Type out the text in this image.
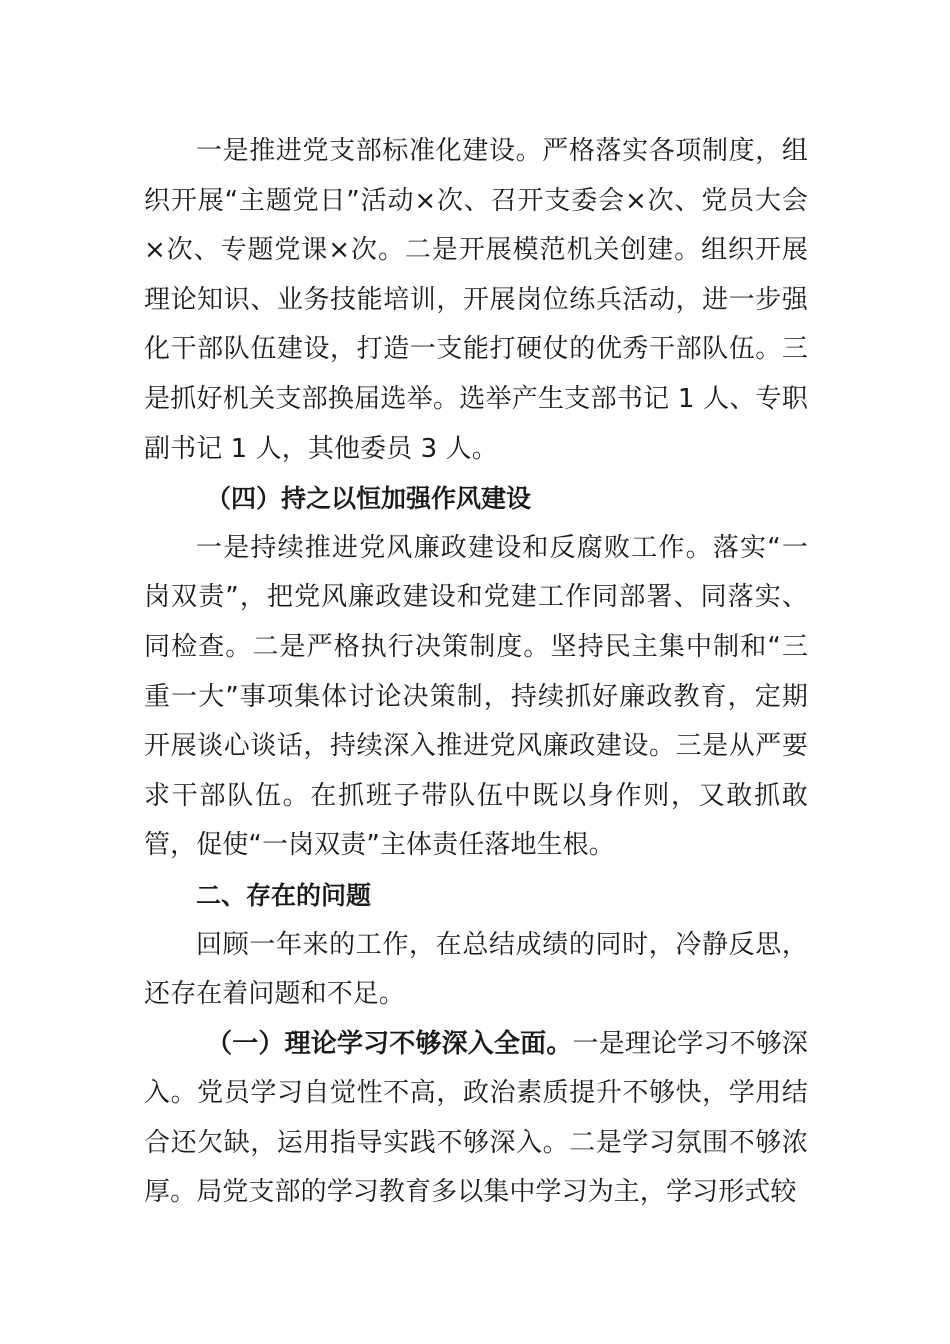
一是推进党支部标准化建设。严格落实各项制度，组织开展“主题党日”活动×次、召开支委会×次、党员大会×次、专题党课×次。二是开展模范机关创建。组织开展理论知识、业务技能培训，开展岗位练兵活动，进一步强化干部队伍建设，打造一支能打硬仗的优秀干部队伍。三是抓好机关支部换届选举。选举产生支部书记 1 人、专职副书记 1 人，其他委员 3 人。

（四）持之以恒加强作风建设

一是持续推进党风廉政建设和反腐败工作。落实“一岗双责”，把党风廉政建设和党建工作同部署、同落实、同检查。二是严格执行决策制度。坚持民主集中制和“三重一大”事项集体讨论决策制，持续抓好廉政教育，定期开展谈心谈话，持续深入推进党风廉政建设。三是从严要求干部队伍。在抓班子带队伍中既以身作则，又敢抓敢管，促使“一岗双责”主体责任落地生根。

二、存在的问题

回顾一年来的工作，在总结成绩的同时，冷静反思，还存在着问题和不足。

（一）理论学习不够深入全面。一是理论学习不够深入。党员学习自觉性不高，政治素质提升不够快，学用结合还欠缺，运用指导实践不够深入。二是学习氛围不够浓厚。局党支部的学习教育多以集中学习为主，学习形式较
